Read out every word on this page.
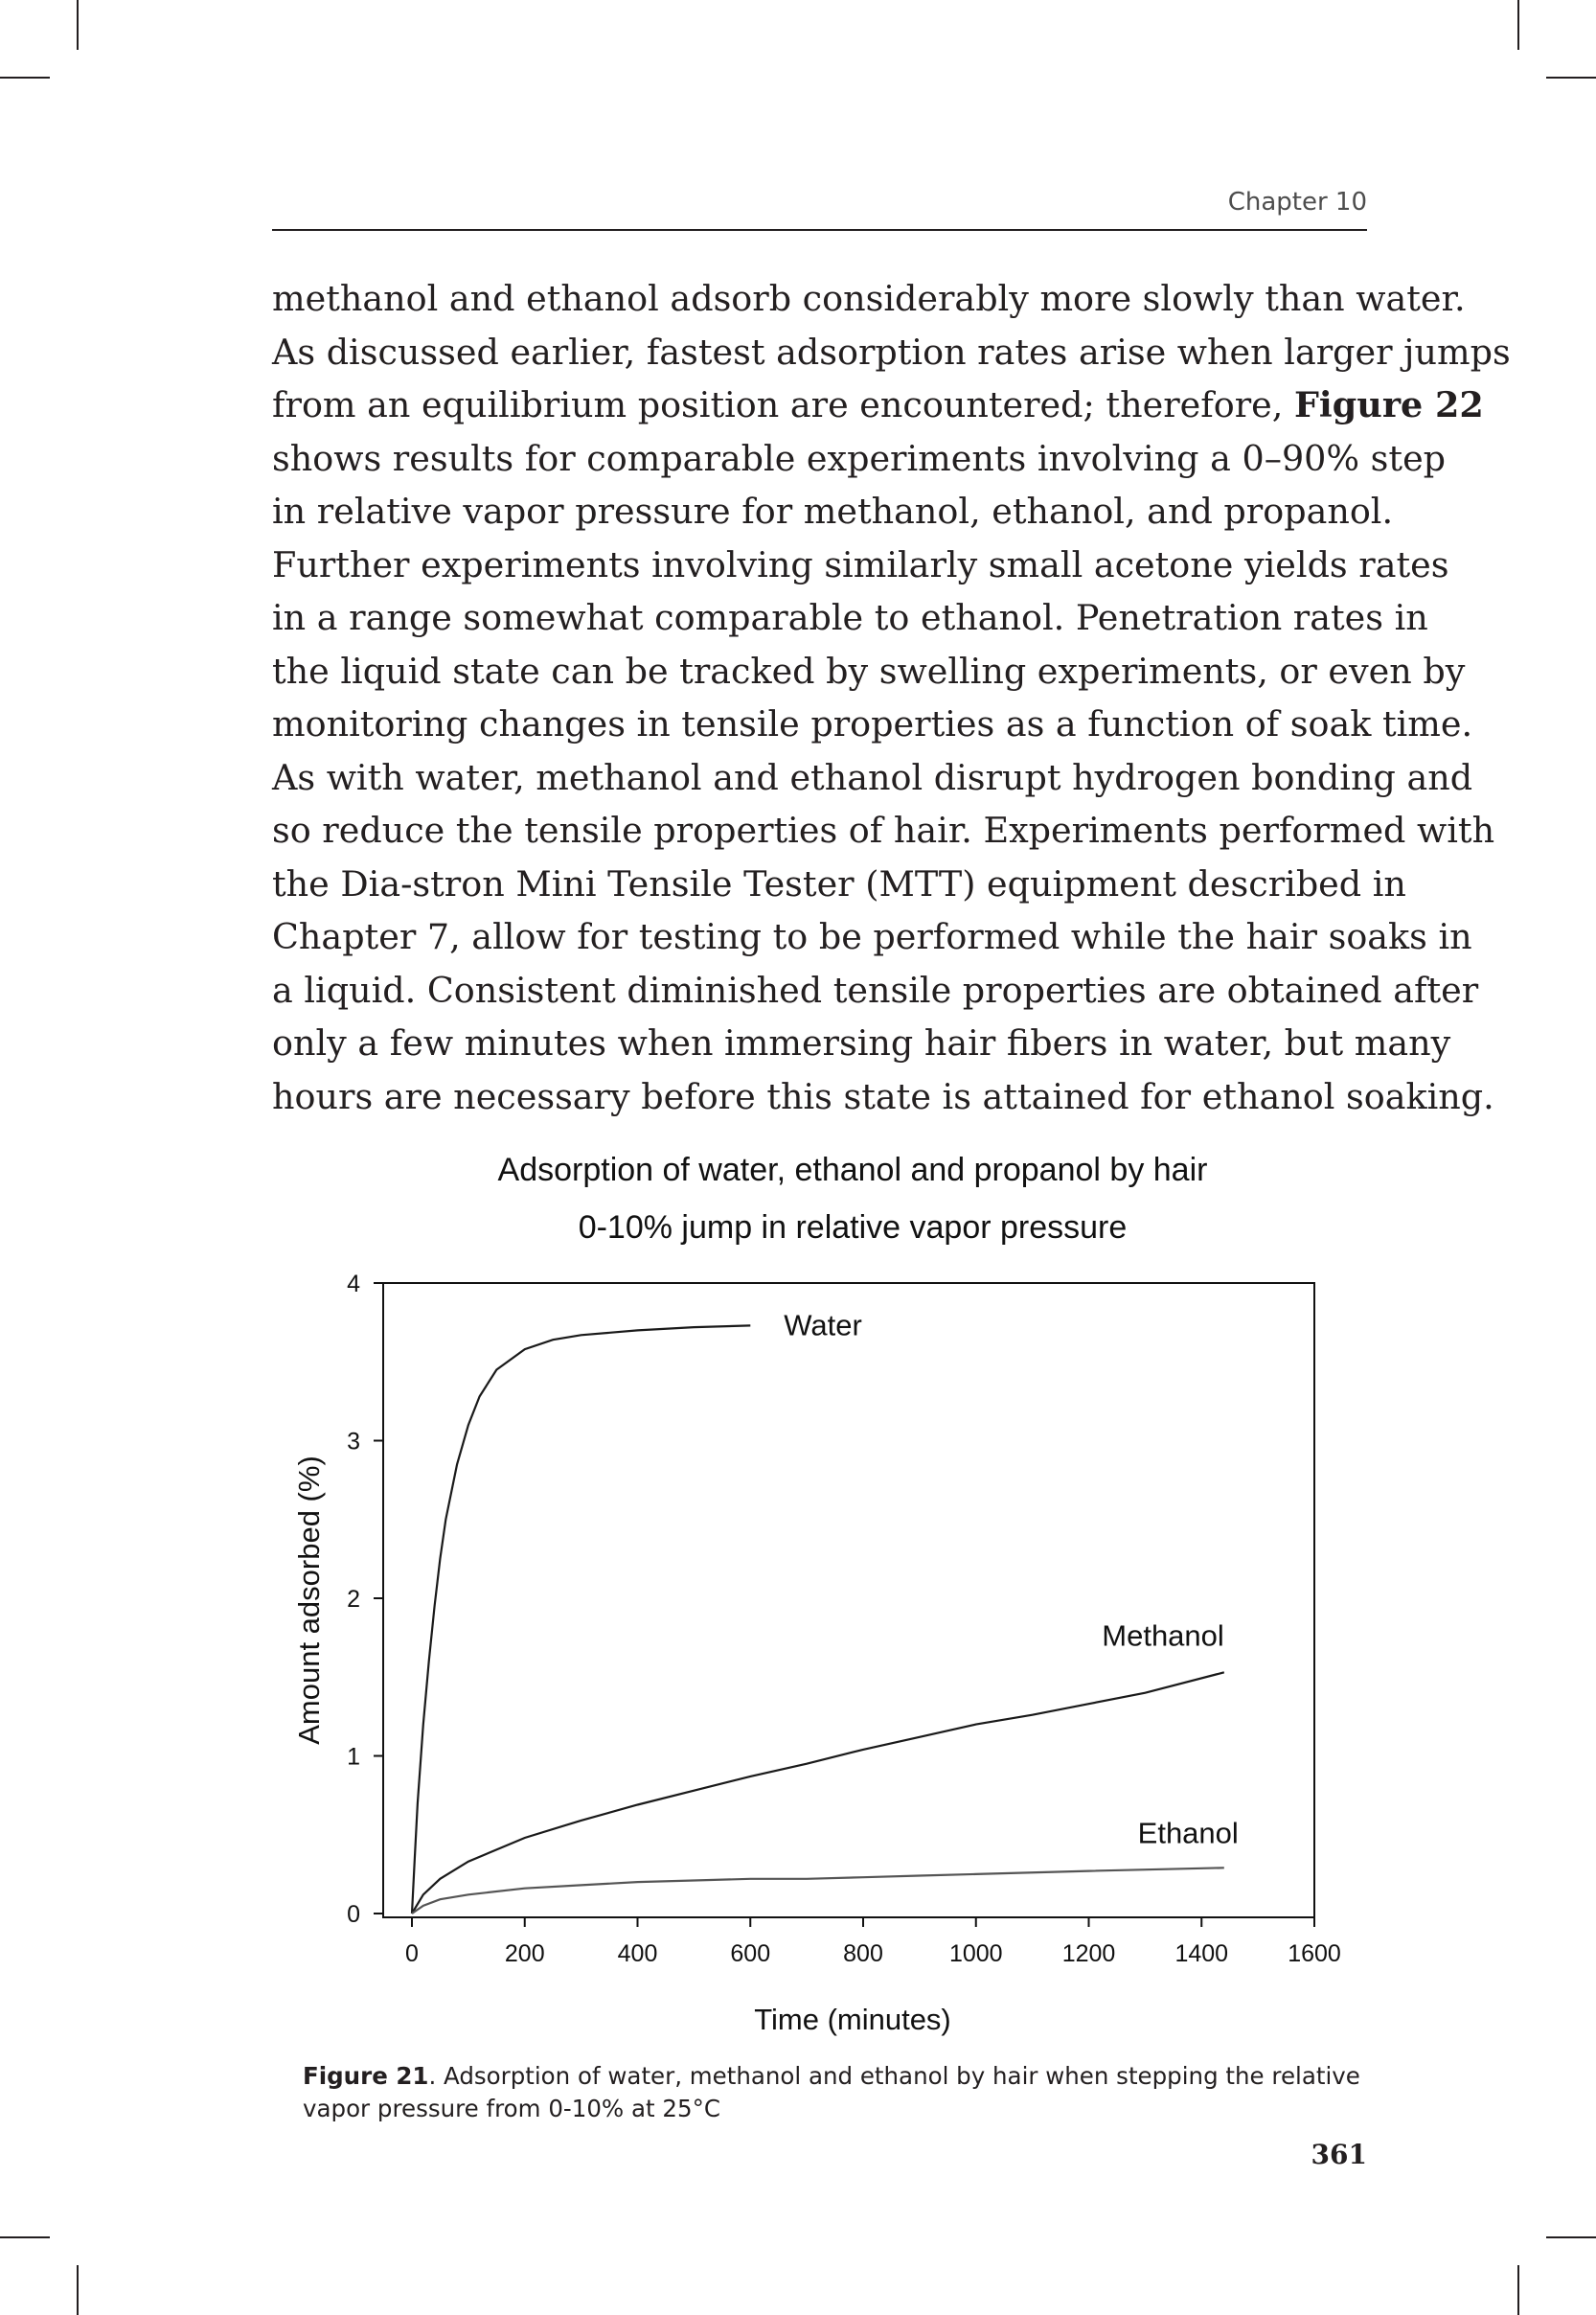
Chapter 10
methanol and ethanol adsorb considerably more slowly than water.
As discussed earlier, fastest adsorption rates arise when larger jumps
from an equilibrium position are encountered; therefore, Figure 22
shows results for comparable experiments involving a 0–90% step
in relative vapor pressure for methanol, ethanol, and propanol.
Further experiments involving similarly small acetone yields rates
in a range somewhat comparable to ethanol. Penetration rates in
the liquid state can be tracked by swelling experiments, or even by
monitoring changes in tensile properties as a function of soak time.
As with water, methanol and ethanol disrupt hydrogen bonding and
so reduce the tensile properties of hair. Experiments performed with
the Dia-stron Mini Tensile Tester (MTT) equipment described in
Chapter 7, allow for testing to be performed while the hair soaks in
a liquid. Consistent diminished tensile properties are obtained after
only a few minutes when immersing hair fibers in water, but many
hours are necessary before this state is attained for ethanol soaking.
Adsorption of water, ethanol and propanol by hair
0-10% jump in relative vapor pressure
0
1
2
3
4
0	200	400	600	800	1000 1200 1400 1600
Water
Methanol
Ethanol
Time (minutes)
Amount adsorbed (%)
Figure 21. Adsorption of water, methanol and ethanol by hair when stepping the relative vapor pressure from 0-10% at 25°C
361
